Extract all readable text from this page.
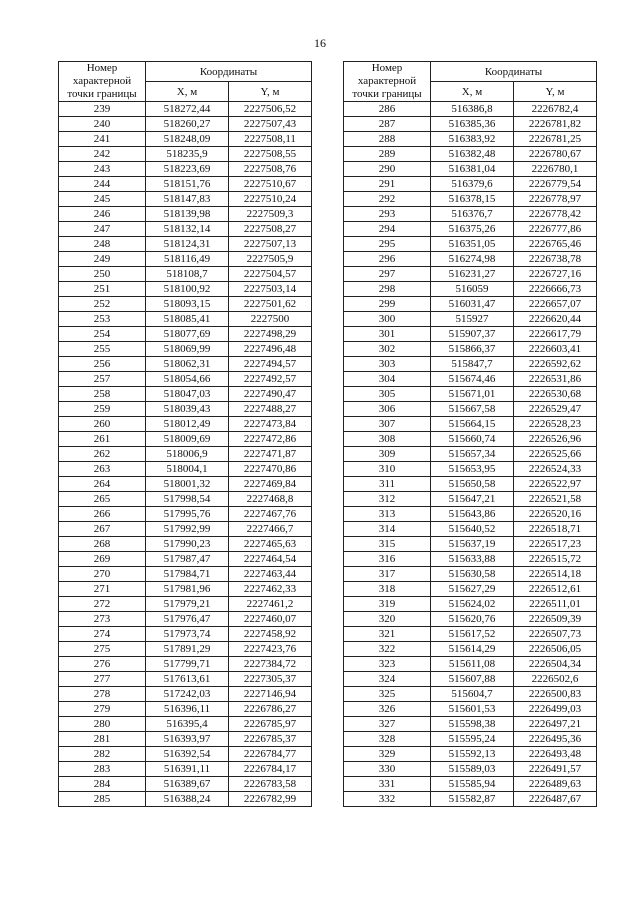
16
Номер
характерной
точки границы	Координаты	
	X, м	Y, м
239	518272,44	2227506,52
240	518260,27	2227507,43
241	518248,09	2227508,11
242	518235,9	2227508,55
243	518223,69	2227508,76
244	518151,76	2227510,67
245	518147,83	2227510,24
246	518139,98	2227509,3
247	518132,14	2227508,27
248	518124,31	2227507,13
249	518116,49	2227505,9
250	518108,7	2227504,57
251	518100,92	2227503,14
252	518093,15	2227501,62
253	518085,41	2227500
254	518077,69	2227498,29
255	518069,99	2227496,48
256	518062,31	2227494,57
257	518054,66	2227492,57
258	518047,03	2227490,47
259	518039,43	2227488,27
260	518012,49	2227473,84
261	518009,69	2227472,86
262	518006,9	2227471,87
263	518004,1	2227470,86
264	518001,32	2227469,84
265	517998,54	2227468,8
266	517995,76	2227467,76
267	517992,99	2227466,7
268	517990,23	2227465,63
269	517987,47	2227464,54
270	517984,71	2227463,44
271	517981,96	2227462,33
272	517979,21	2227461,2
273	517976,47	2227460,07
274	517973,74	2227458,92
275	517891,29	2227423,76
276	517799,71	2227384,72
277	517613,61	2227305,37
278	517242,03	2227146,94
279	516396,11	2226786,27
280	516395,4	2226785,97
281	516393,97	2226785,37
282	516392,54	2226784,77
283	516391,11	2226784,17
284	516389,67	2226783,58
285	516388,24	2226782,99
Номер
характерной
точки границы	Координаты	
	X, м	Y, м
286	516386,8	2226782,4
287	516385,36	2226781,82
288	516383,92	2226781,25
289	516382,48	2226780,67
290	516381,04	2226780,1
291	516379,6	2226779,54
292	516378,15	2226778,97
293	516376,7	2226778,42
294	516375,26	2226777,86
295	516351,05	2226765,46
296	516274,98	2226738,78
297	516231,27	2226727,16
298	516059	2226666,73
299	516031,47	2226657,07
300	515927	2226620,44
301	515907,37	2226617,79
302	515866,37	2226603,41
303	515847,7	2226592,62
304	515674,46	2226531,86
305	515671,01	2226530,68
306	515667,58	2226529,47
307	515664,15	2226528,23
308	515660,74	2226526,96
309	515657,34	2226525,66
310	515653,95	2226524,33
311	515650,58	2226522,97
312	515647,21	2226521,58
313	515643,86	2226520,16
314	515640,52	2226518,71
315	515637,19	2226517,23
316	515633,88	2226515,72
317	515630,58	2226514,18
318	515627,29	2226512,61
319	515624,02	2226511,01
320	515620,76	2226509,39
321	515617,52	2226507,73
322	515614,29	2226506,05
323	515611,08	2226504,34
324	515607,88	2226502,6
325	515604,7	2226500,83
326	515601,53	2226499,03
327	515598,38	2226497,21
328	515595,24	2226495,36
329	515592,13	2226493,48
330	515589,03	2226491,57
331	515585,94	2226489,63
332	515582,87	2226487,67
